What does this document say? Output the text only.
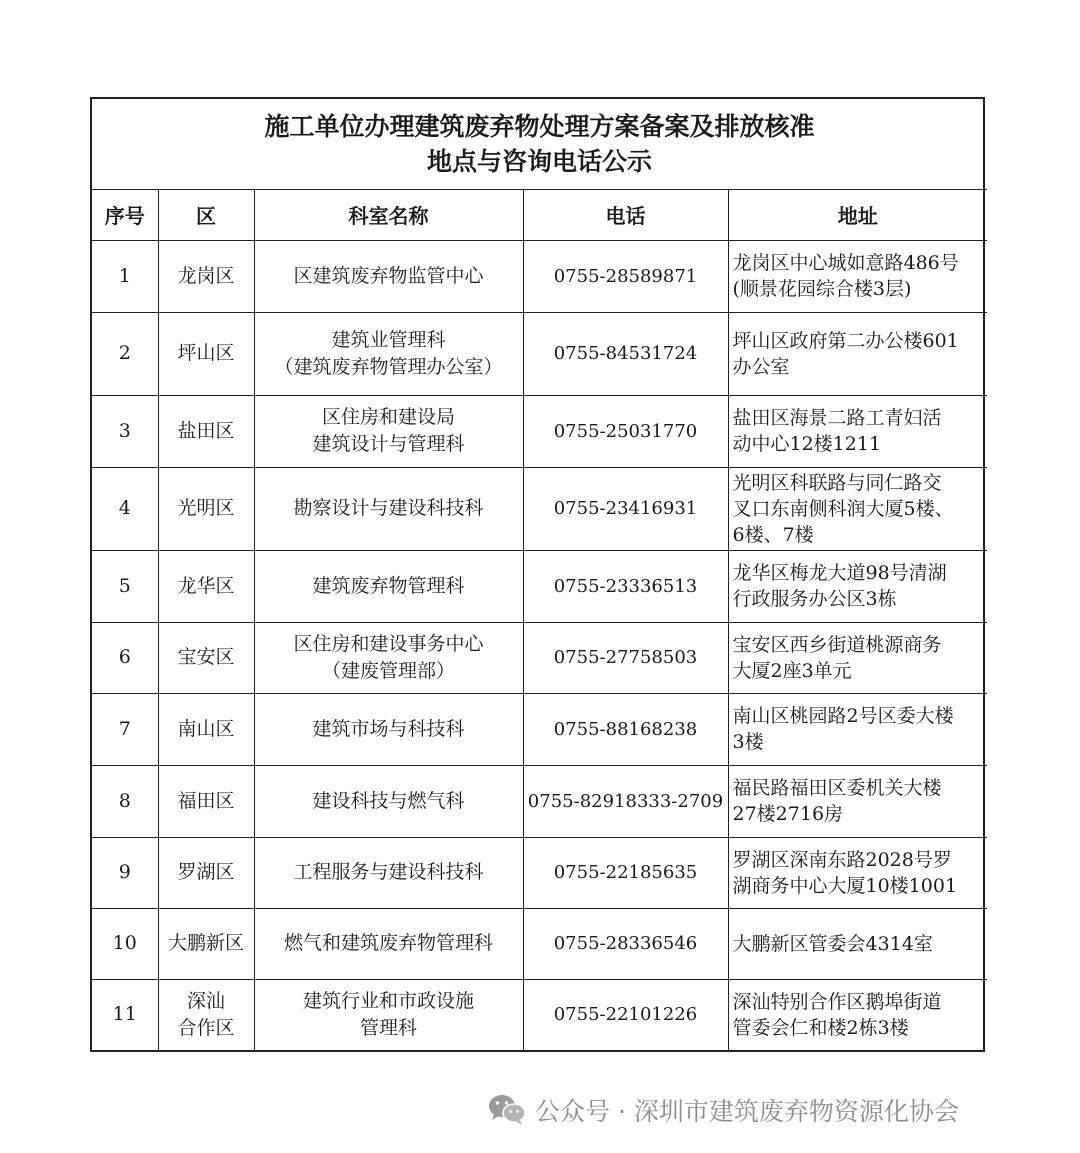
施工单位办理建筑废弃物处理方案备案及排放核准
地点与咨询电话公示				

序号	区	科室名称	电话	地址
1	龙岗区	区建筑废弃物监管中心	0755-28589871	龙岗区中心城如意路486号
(顺景花园综合楼3层)

2	坪山区	建筑业管理科
（建筑废弃物管理办公室）	0755-84531724	坪山区政府第二办公楼601
办公室

3	盐田区	区住房和建设局
建筑设计与管理科	0755-25031770	盐田区海景二路工青妇活
动中心12楼1211

4	光明区	勘察设计与建设科技科	0755-23416931	光明区科联路与同仁路交
叉口东南侧科润大厦5楼、
6楼、7楼

5	龙华区	建筑废弃物管理科	0755-23336513	龙华区梅龙大道98号清湖
行政服务办公区3栋

6	宝安区	区住房和建设事务中心
（建废管理部）	0755-27758503	宝安区西乡街道桃源商务
大厦2座3单元

7	南山区	建筑市场与科技科	0755-88168238	南山区桃园路2号区委大楼
3楼

8	福田区	建设科技与燃气科	0755-82918333-2709	福民路福田区委机关大楼
27楼2716房

9	罗湖区	工程服务与建设科技科	0755-22185635	罗湖区深南东路2028号罗
湖商务中心大厦10楼1001

10	大鹏新区	燃气和建筑废弃物管理科	0755-28336546	大鹏新区管委会4314室

11	深汕
合作区	建筑行业和市政设施
管理科	0755-22101226	深汕特别合作区鹅埠街道
管委会仁和楼2栋3楼
公众号 · 深圳市建筑废弃物资源化协会
